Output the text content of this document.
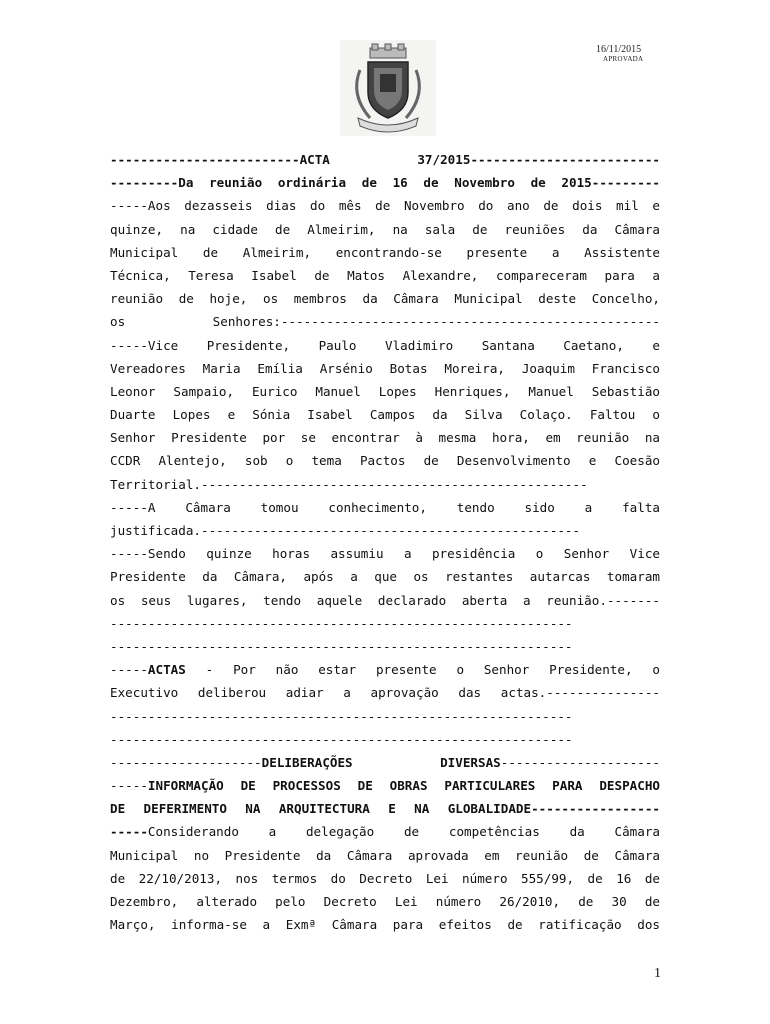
16/11/2015
APROVADA
-------------------------ACTA 37/2015-------------------------
---------Da reunião ordinária de 16 de Novembro de 2015---------
-----Aos dezasseis dias do mês de Novembro do ano de dois mil e
quinze, na cidade de Almeirim, na sala de reuniões da Câmara
Municipal de Almeirim, encontrando-se presente a Assistente
Técnica, Teresa Isabel de Matos Alexandre, compareceram para a
reunião de hoje, os membros da Câmara Municipal deste Concelho,
os Senhores:--------------------------------------------------
-----Vice Presidente, Paulo Vladimiro Santana Caetano, e
Vereadores Maria Emília Arsénio Botas Moreira, Joaquim Francisco
Leonor Sampaio, Eurico Manuel Lopes Henriques, Manuel Sebastião
Duarte Lopes e Sónia Isabel Campos da Silva Colaço. Faltou o
Senhor Presidente por se encontrar à mesma hora, em reunião na
CCDR Alentejo, sob o tema Pactos de Desenvolvimento e Coesão
Territorial.---------------------------------------------------
-----A Câmara tomou conhecimento, tendo sido a falta
justificada.--------------------------------------------------
-----Sendo quinze horas assumiu a presidência o Senhor Vice
Presidente da Câmara, após a que os restantes autarcas tomaram
os seus lugares, tendo aquele declarado aberta a reunião.-------
-------------------------------------------------------------
-------------------------------------------------------------
-----ACTAS - Por não estar presente o Senhor Presidente, o
Executivo deliberou adiar a aprovação das actas.---------------
-------------------------------------------------------------
-------------------------------------------------------------
--------------------DELIBERAÇÕES DIVERSAS---------------------
-----INFORMAÇÃO DE PROCESSOS DE OBRAS PARTICULARES PARA DESPACHO
DE DEFERIMENTO NA ARQUITECTURA E NA GLOBALIDADE-----------------
-----Considerando a delegação de competências da Câmara
Municipal no Presidente da Câmara aprovada em reunião de Câmara
de 22/10/2013, nos termos do Decreto Lei número 555/99, de 16 de
Dezembro, alterado pelo Decreto Lei número 26/2010, de 30 de
Março, informa-se a Exmª Câmara para efeitos de ratificação dos
1
